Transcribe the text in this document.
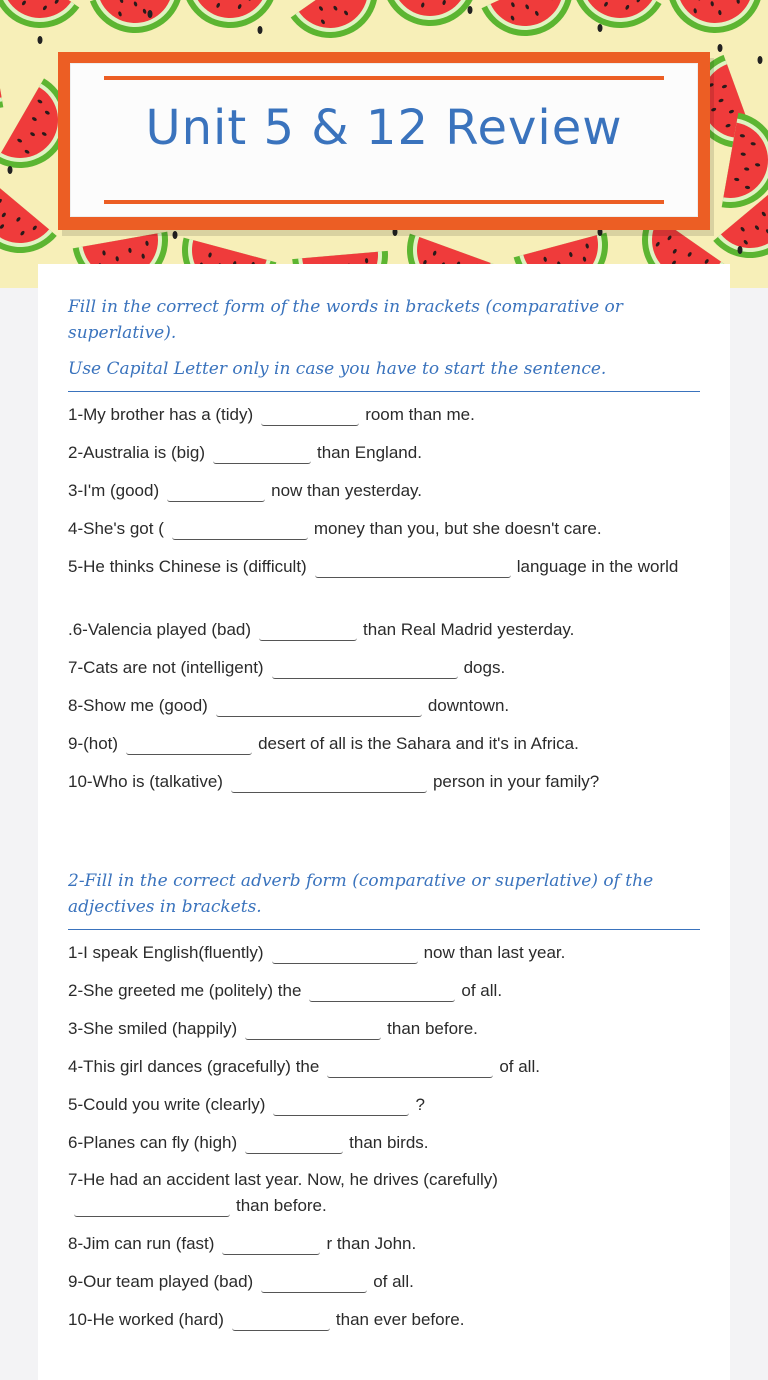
Unit 5 & 12 Review

Fill in the correct form of the words in brackets (comparative or superlative).

Use Capital Letter only in case you have to start the sentence.

1-My brother has a (tidy)	room than me.

2-Australia is (big)	than England.

3-I'm (good)	now than yesterday.

4-She's got (	money than you, but she doesn't care.

5-He thinks Chinese is (difficult)	language in the world

.6-Valencia played (bad)	than Real Madrid yesterday.

7-Cats are not (intelligent)	dogs.

8-Show me (good)	downtown.

9-(hot)	desert of all is the Sahara and it's in Africa.

10-Who is (talkative)	person in your family?

2-Fill in the correct adverb form (comparative or superlative) of the adjectives in brackets.

1-I speak English(fluently)	now than last year.

2-She greeted me (politely) the	of all.

3-She smiled (happily)	than before.

4-This girl dances (gracefully) the	of all.

5-Could you write (clearly)	?

6-Planes can fly (high)	than birds.

7-He had an accident last year. Now, he drives (carefully)
than before.

8-Jim can run (fast)	r than John.

9-Our team played (bad)	of all.

10-He worked (hard)	than ever before.
